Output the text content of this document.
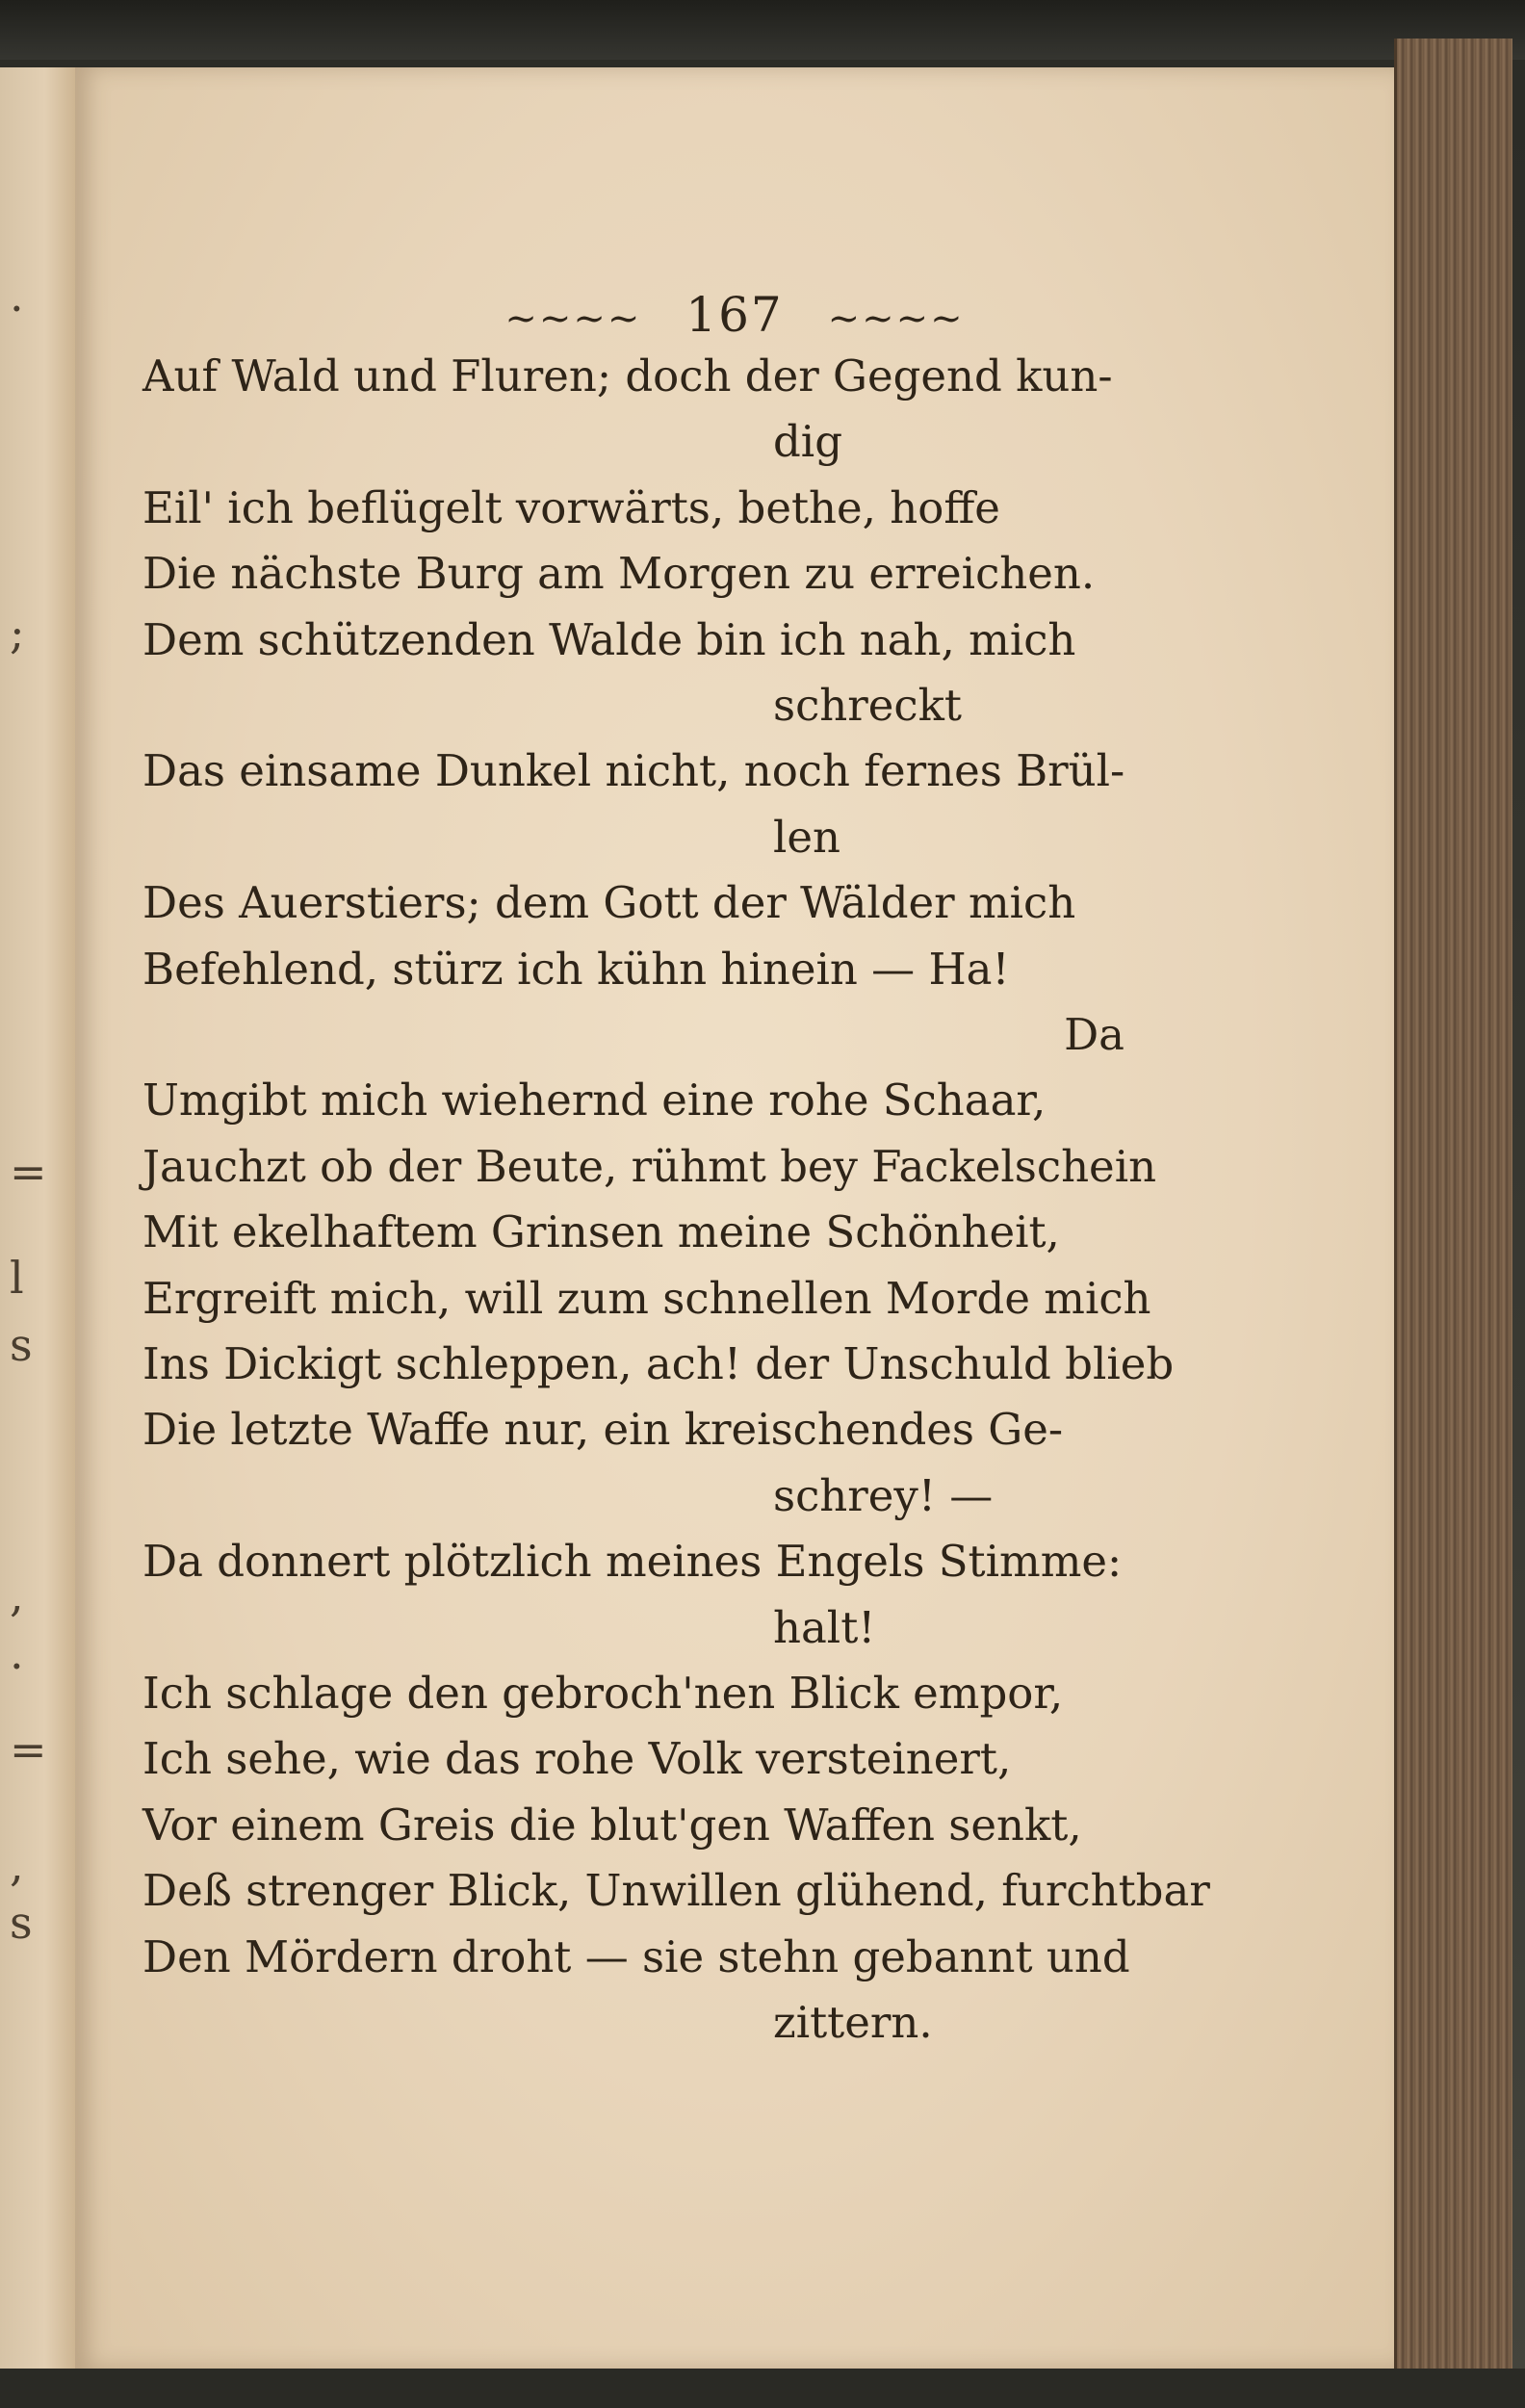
.
;
=
l
s
,
.
=
,
s
~~~~ 167 ~~~~
Auf Wald und Fluren; doch der Gegend kun-
dig
Eil' ich beflügelt vorwärts, bethe, hoffe
Die nächste Burg am Morgen zu erreichen.
Dem schützenden Walde bin ich nah, mich
schreckt
Das einsame Dunkel nicht, noch fernes Brül-
len
Des Auerstiers; dem Gott der Wälder mich
Befehlend, stürz ich kühn hinein — Ha!
Da
Umgibt mich wiehernd eine rohe Schaar,
Jauchzt ob der Beute, rühmt bey Fackelschein
Mit ekelhaftem Grinsen meine Schönheit,
Ergreift mich, will zum schnellen Morde mich
Ins Dickigt schleppen, ach! der Unschuld blieb
Die letzte Waffe nur, ein kreischendes Ge-
schrey! —
Da donnert plötzlich meines Engels Stimme:
halt!
Ich schlage den gebroch'nen Blick empor,
Ich sehe, wie das rohe Volk versteinert,
Vor einem Greis die blut'gen Waffen senkt,
Deß strenger Blick, Unwillen glühend, furchtbar
Den Mördern droht — sie stehn gebannt und
zittern.
